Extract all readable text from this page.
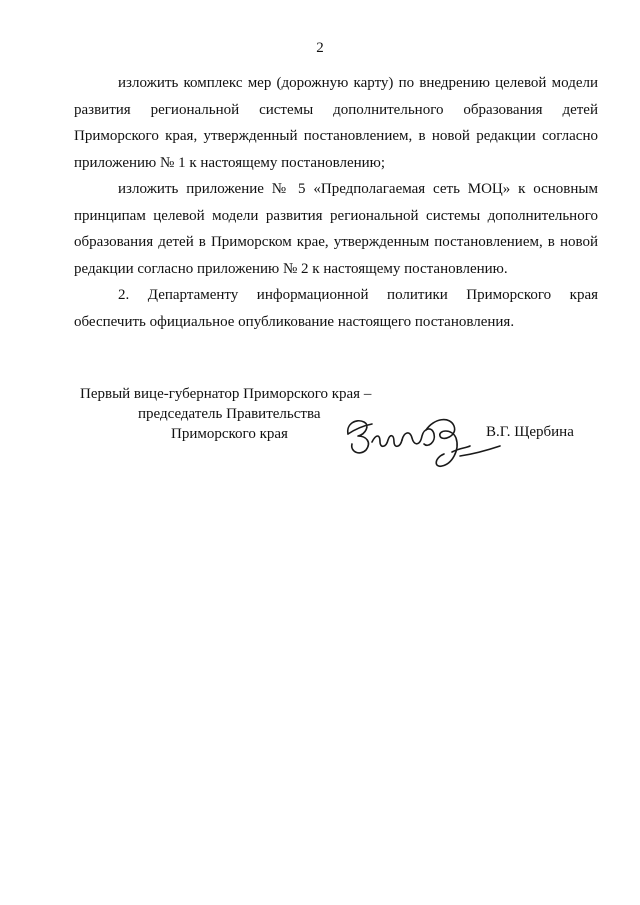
2

изложить комплекс мер (дорожную карту) по внедрению целевой модели развития региональной системы дополнительного образования детей Приморского края, утвержденный постановлением, в новой редакции согласно приложению № 1 к настоящему постановлению;

изложить приложение № 5 «Предполагаемая сеть МОЦ» к основным принципам целевой модели развития региональной системы дополнительного образования детей в Приморском крае, утвержденным постановлением, в новой редакции согласно приложению № 2 к настоящему постановлению.

2. Департаменту информационной политики Приморского края обеспечить официальное опубликование настоящего постановления.

Первый вице-губернатор Приморского края –
председатель Правительства
Приморского края	В.Г. Щербина
